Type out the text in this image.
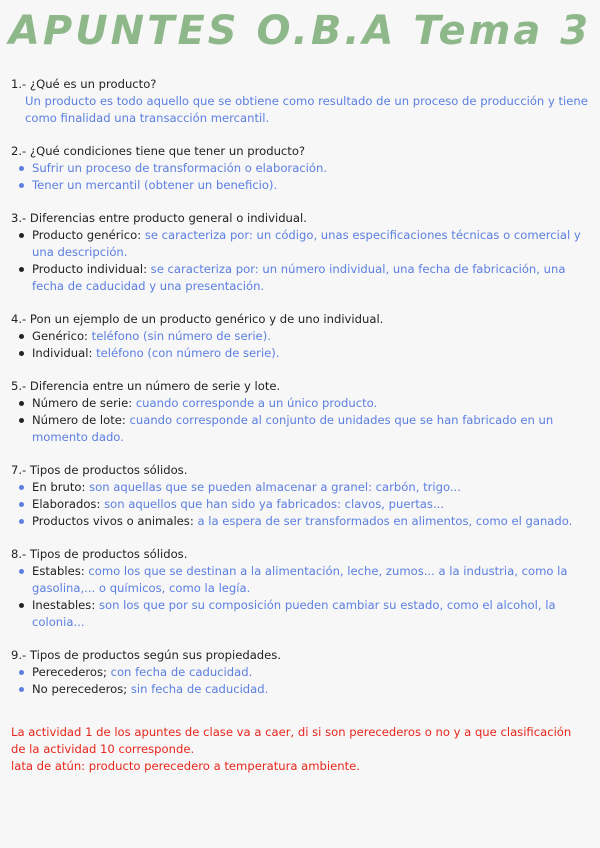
APUNTES O.B.A Tema 3
1.- ¿Qué es un producto?
Un producto es todo aquello que se obtiene como resultado de un proceso de producción y tiene como finalidad una transacción mercantil.
2.- ¿Qué condiciones tiene que tener un producto?
Sufrir un proceso de transformación o elaboración.
Tener un mercantil (obtener un beneficio).
3.- Diferencias entre producto general o individual.
Producto genérico: se caracteriza por: un código, unas especificaciones técnicas o comercial y una descripción.
Producto individual: se caracteriza por: un número individual, una fecha de fabricación, una fecha de caducidad y una presentación.
4.- Pon un ejemplo de un producto genérico y de uno individual.
Genérico: teléfono (sin número de serie).
Individual: teléfono (con número de serie).
5.- Diferencia entre un número de serie y lote.
Número de serie: cuando corresponde a un único producto.
Número de lote: cuando corresponde al conjunto de unidades que se han fabricado en un momento dado.
7.- Tipos de productos sólidos.
En bruto: son aquellas que se pueden almacenar a granel: carbón, trigo...
Elaborados: son aquellos que han sido ya fabricados: clavos, puertas...
Productos vivos o animales: a la espera de ser transformados en alimentos, como el ganado.
8.- Tipos de productos sólidos.
Estables: como los que se destinan a la alimentación, leche, zumos... a la industria, como la gasolina,... o químicos, como la legía.
Inestables: son los que por su composición pueden cambiar su estado, como el alcohol, la colonia...
9.- Tipos de productos según sus propiedades.
Perecederos; con fecha de caducidad.
No perecederos; sin fecha de caducidad.
La actividad 1 de los apuntes de clase va a caer, di si son perecederos o no y a que clasificación de la actividad 10 corresponde.
lata de atún: producto perecedero a temperatura ambiente.
